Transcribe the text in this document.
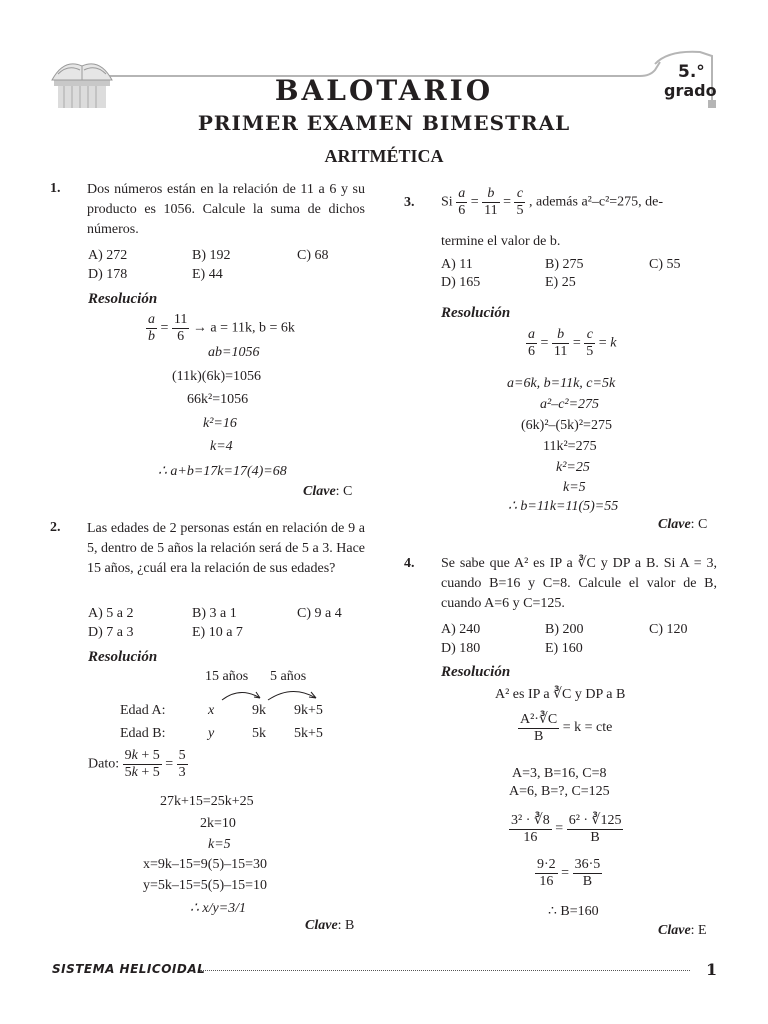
5.°
grado
BALOTARIO
PRIMER EXAMEN BIMESTRAL
ARITMÉTICA
1. Dos números están en la relación de 11 a 6 y su producto es 1056. Calcule la suma de dichos números.
A) 272	B) 192	C) 68
D) 178	E) 44
Resolución
$\frac{a}{b} = \frac{11}{6} \to a = 11k$, b = 6k
ab=1056
(11k)(6k)=1056
66k²=1056
k²=16
k=4
∴ a+b=17k=17(4)=68
Clave: C
2. Las edades de 2 personas están en relación de 9 a 5, dentro de 5 años la relación será de 5 a 3. Hace 15 años, ¿cuál era la relación de sus edades?
A) 5 a 2	B) 3 a 1	C) 9 a 4
D) 7 a 3	E) 10 a 7
Resolución
15 años 5 años
Edad A:	x	9k 9k+5
Edad B:	y	5k 5k+5
Dato: $\frac{9k + 5}{5k + 5} = \frac{5}{3}$
27k+15=25k+25
2k=10
k=5
x=9k–15=9(5)–15=30
y=5k–15=5(5)–15=10
∴ x/y=3/1
Clave: B
3. Si $\frac{a}{6} = \frac{b}{11} = \frac{c}{5}$ , además a²–c²=275, de-
termine el valor de b.
A) 11	B) 275	C) 55
D) 165	E) 25
Resolución
$\frac{a}{6} = \frac{b}{11} = \frac{c}{5} = k$
a=6k, b=11k, c=5k
a²–c²=275
(6k)²–(5k)²=275
11k²=275
k²=25
k=5
∴ b=11k=11(5)=55
Clave: C
4. Se sabe que A² es IP a ∛C y DP a B. Si A = 3, cuando B=16 y C=8. Calcule el valor de B, cuando A=6 y C=125.
A) 240	B) 200	C) 120
D) 180	E) 160
Resolución
A² es IP a ∛C y DP a B
$\frac{\text{A²·∛C}}{B} = k$ = cte
A=3, B=16, C=8
A=6, B=?, C=125
$\frac{\text{3² · ∛8}}{16} = \frac{\text{6² · ∛125}}{B}$
$\frac{9\cdot 2}{16} = \frac{36\cdot 5}{B}$
∴ B=160
Clave: E
SISTEMA HELICOIDAL	1
